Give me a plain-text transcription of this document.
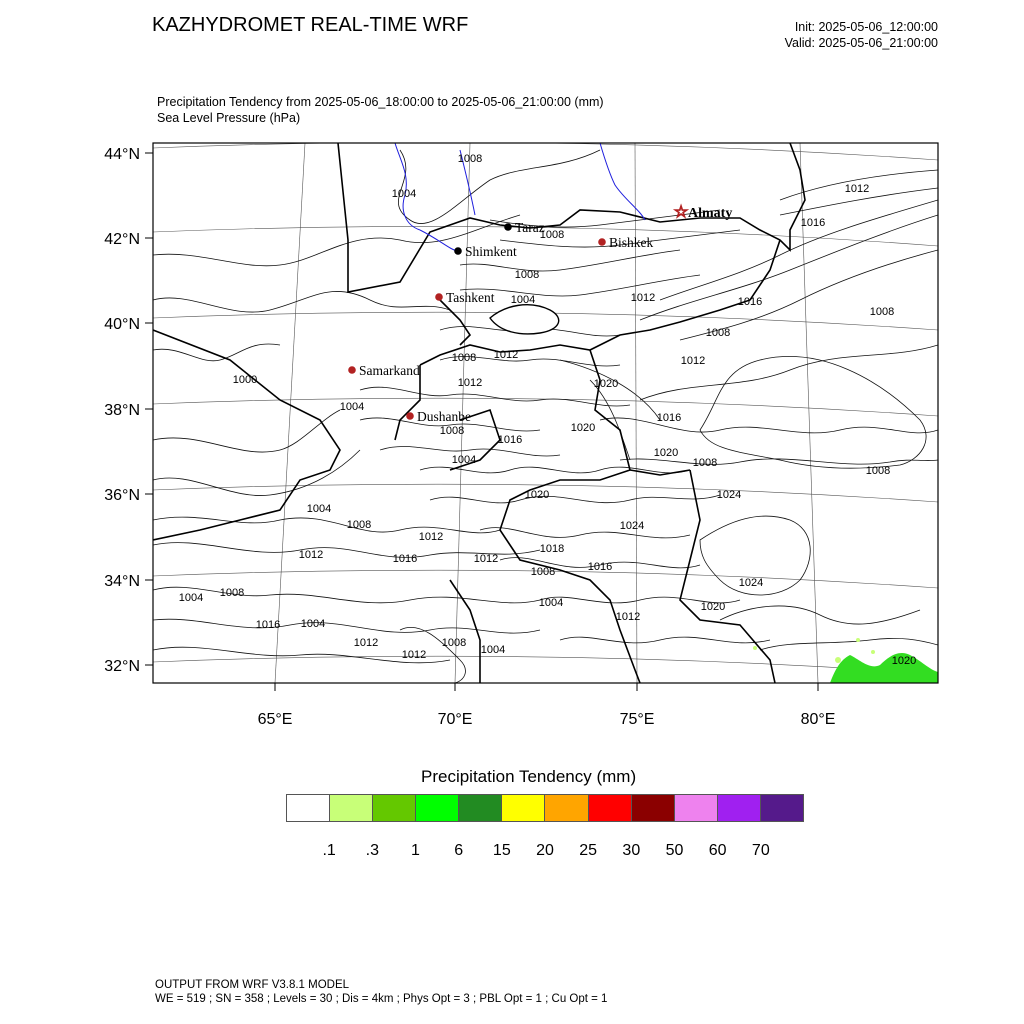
KAZHYDROMET REAL-TIME WRF	Init: 2025-05-06_12:00:00
Valid: 2025-05-06_21:00:00
Precipitation Tendency from 2025-05-06_18:00:00 to 2025-05-06_21:00:00 (mm)
Sea Level Pressure (hPa)
44°N
42°N
40°N
38°N
36°N
34°N
32°N
65°E	70°E	75°E	80°E
1008
1004
1008
1012
1016
1008
1004	1012	1016
1008 1012
1008
1012
1008
1000
1004
1008
1012	1020
1020
1016
1004
1016
1004
1008
1012
1020
1024
1024
1008
1016
1020
1004 1008
1012	1016	1012
1018
1008
1016
1004
1008
1004
1020
1024
1012
1012
1012
1008
1004
1020
☆ Almaty
Taraz
Bishkek
Shimkent
Tashkent
Samarkand
Dushanbe
Precipitation Tendency (mm)
.1 .3 1 6 15 20 25 30 50 60 70
OUTPUT FROM WRF V3.8.1 MODEL
WE = 519 ; SN = 358 ; Levels = 30 ; Dis = 4km ; Phys Opt = 3 ; PBL Opt = 1 ; Cu Opt = 1
